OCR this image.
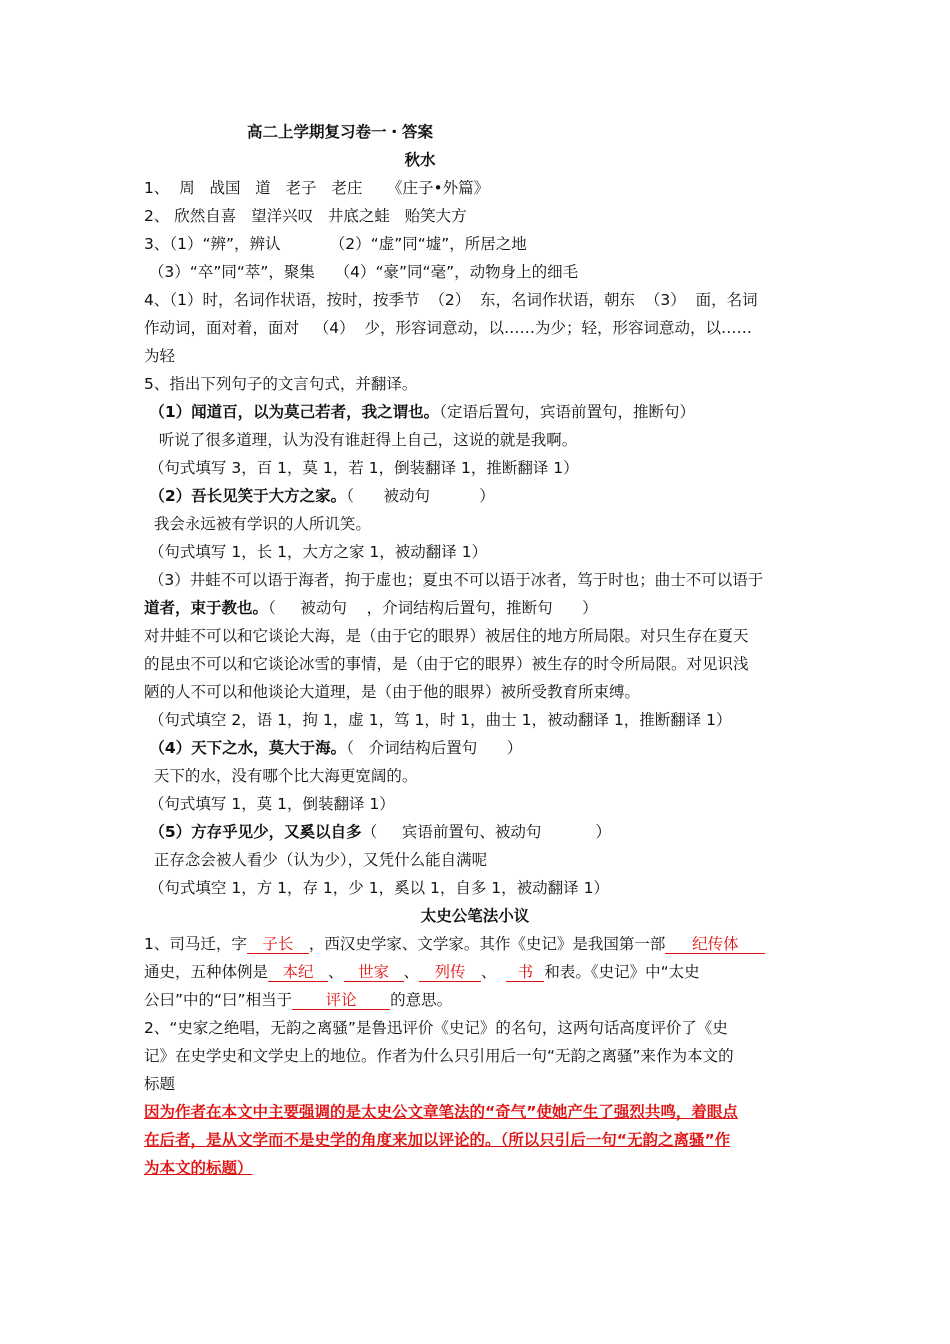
高二上学期复习卷一・答案
秋水
1、  周   战国   道   老子   老庄     《庄子•外篇》
2、 欣然自喜   望洋兴叹   井底之蛙   贻笑大方
3、（1）“辨”，辨认          （2）“虚”同“墟”，所居之地
（3）“卒”同“萃”，聚集    （4）“豪”同“毫”，动物身上的细毛
4、（1）时，名词作状语，按时，按季节  （2）  东，名词作状语，朝东  （3）  面，名词
作动词，面对着，面对   （4）  少，形容词意动，以……为少；轻，形容词意动，以……
为轻
5、指出下列句子的文言句式，并翻译。
（1）闻道百，以为莫己若者，我之谓也。（定语后置句，宾语前置句，推断句）
听说了很多道理，认为没有谁赶得上自己，这说的就是我啊。
（句式填写 3，百 1，莫 1，若 1，倒装翻译 1，推断翻译 1）
（2）吾长见笑于大方之家。（      被动句          ）
我会永远被有学识的人所讥笑。
（句式填写 1，长 1，大方之家 1，被动翻译 1）
（3）井蛙不可以语于海者，拘于虚也；夏虫不可以语于冰者，笃于时也；曲士不可以语于
道者，束于教也。（     被动句    ，介词结构后置句，推断句      ）
对井蛙不可以和它谈论大海，是（由于它的眼界）被居住的地方所局限。对只生存在夏天
的昆虫不可以和它谈论冰雪的事情，是（由于它的眼界）被生存的时令所局限。对见识浅
陋的人不可以和他谈论大道理，是（由于他的眼界）被所受教育所束缚。
（句式填空 2，语 1，拘 1，虚 1，笃 1，时 1，曲士 1，被动翻译 1，推断翻译 1）
（4）天下之水，莫大于海。（   介词结构后置句      ）
天下的水，没有哪个比大海更宽阔的。
（句式填写 1，莫 1，倒装翻译 1）
（5）方存乎见少，又奚以自多（     宾语前置句、被动句           ）
正存念会被人看少（认为少），又凭什么能自满呢
（句式填空 1，方 1，存 1，少 1，奚以 1，自多 1，被动翻译 1）
太史公笔法小议
1、司马迁，字 子长 ，西汉史学家、文学家。其作《史记》是我国第一部 纪传体
通史，五种体例是 本纪 、 世家 、 列传 、  书 和表。《史记》中“太史
公曰”中的“曰”相当于 评论 的意思。
2、“史家之绝唱，无韵之离骚”是鲁迅评价《史记》的名句，这两句话高度评价了《史
记》在史学史和文学史上的地位。作者为什么只引用后一句“无韵之离骚”来作为本文的
标题
因为作者在本文中主要强调的是太史公文章笔法的“奇气”使她产生了强烈共鸣，着眼点
在后者，是从文学而不是史学的角度来加以评论的。（所以只引后一句“无韵之离骚”作
为本文的标题）
